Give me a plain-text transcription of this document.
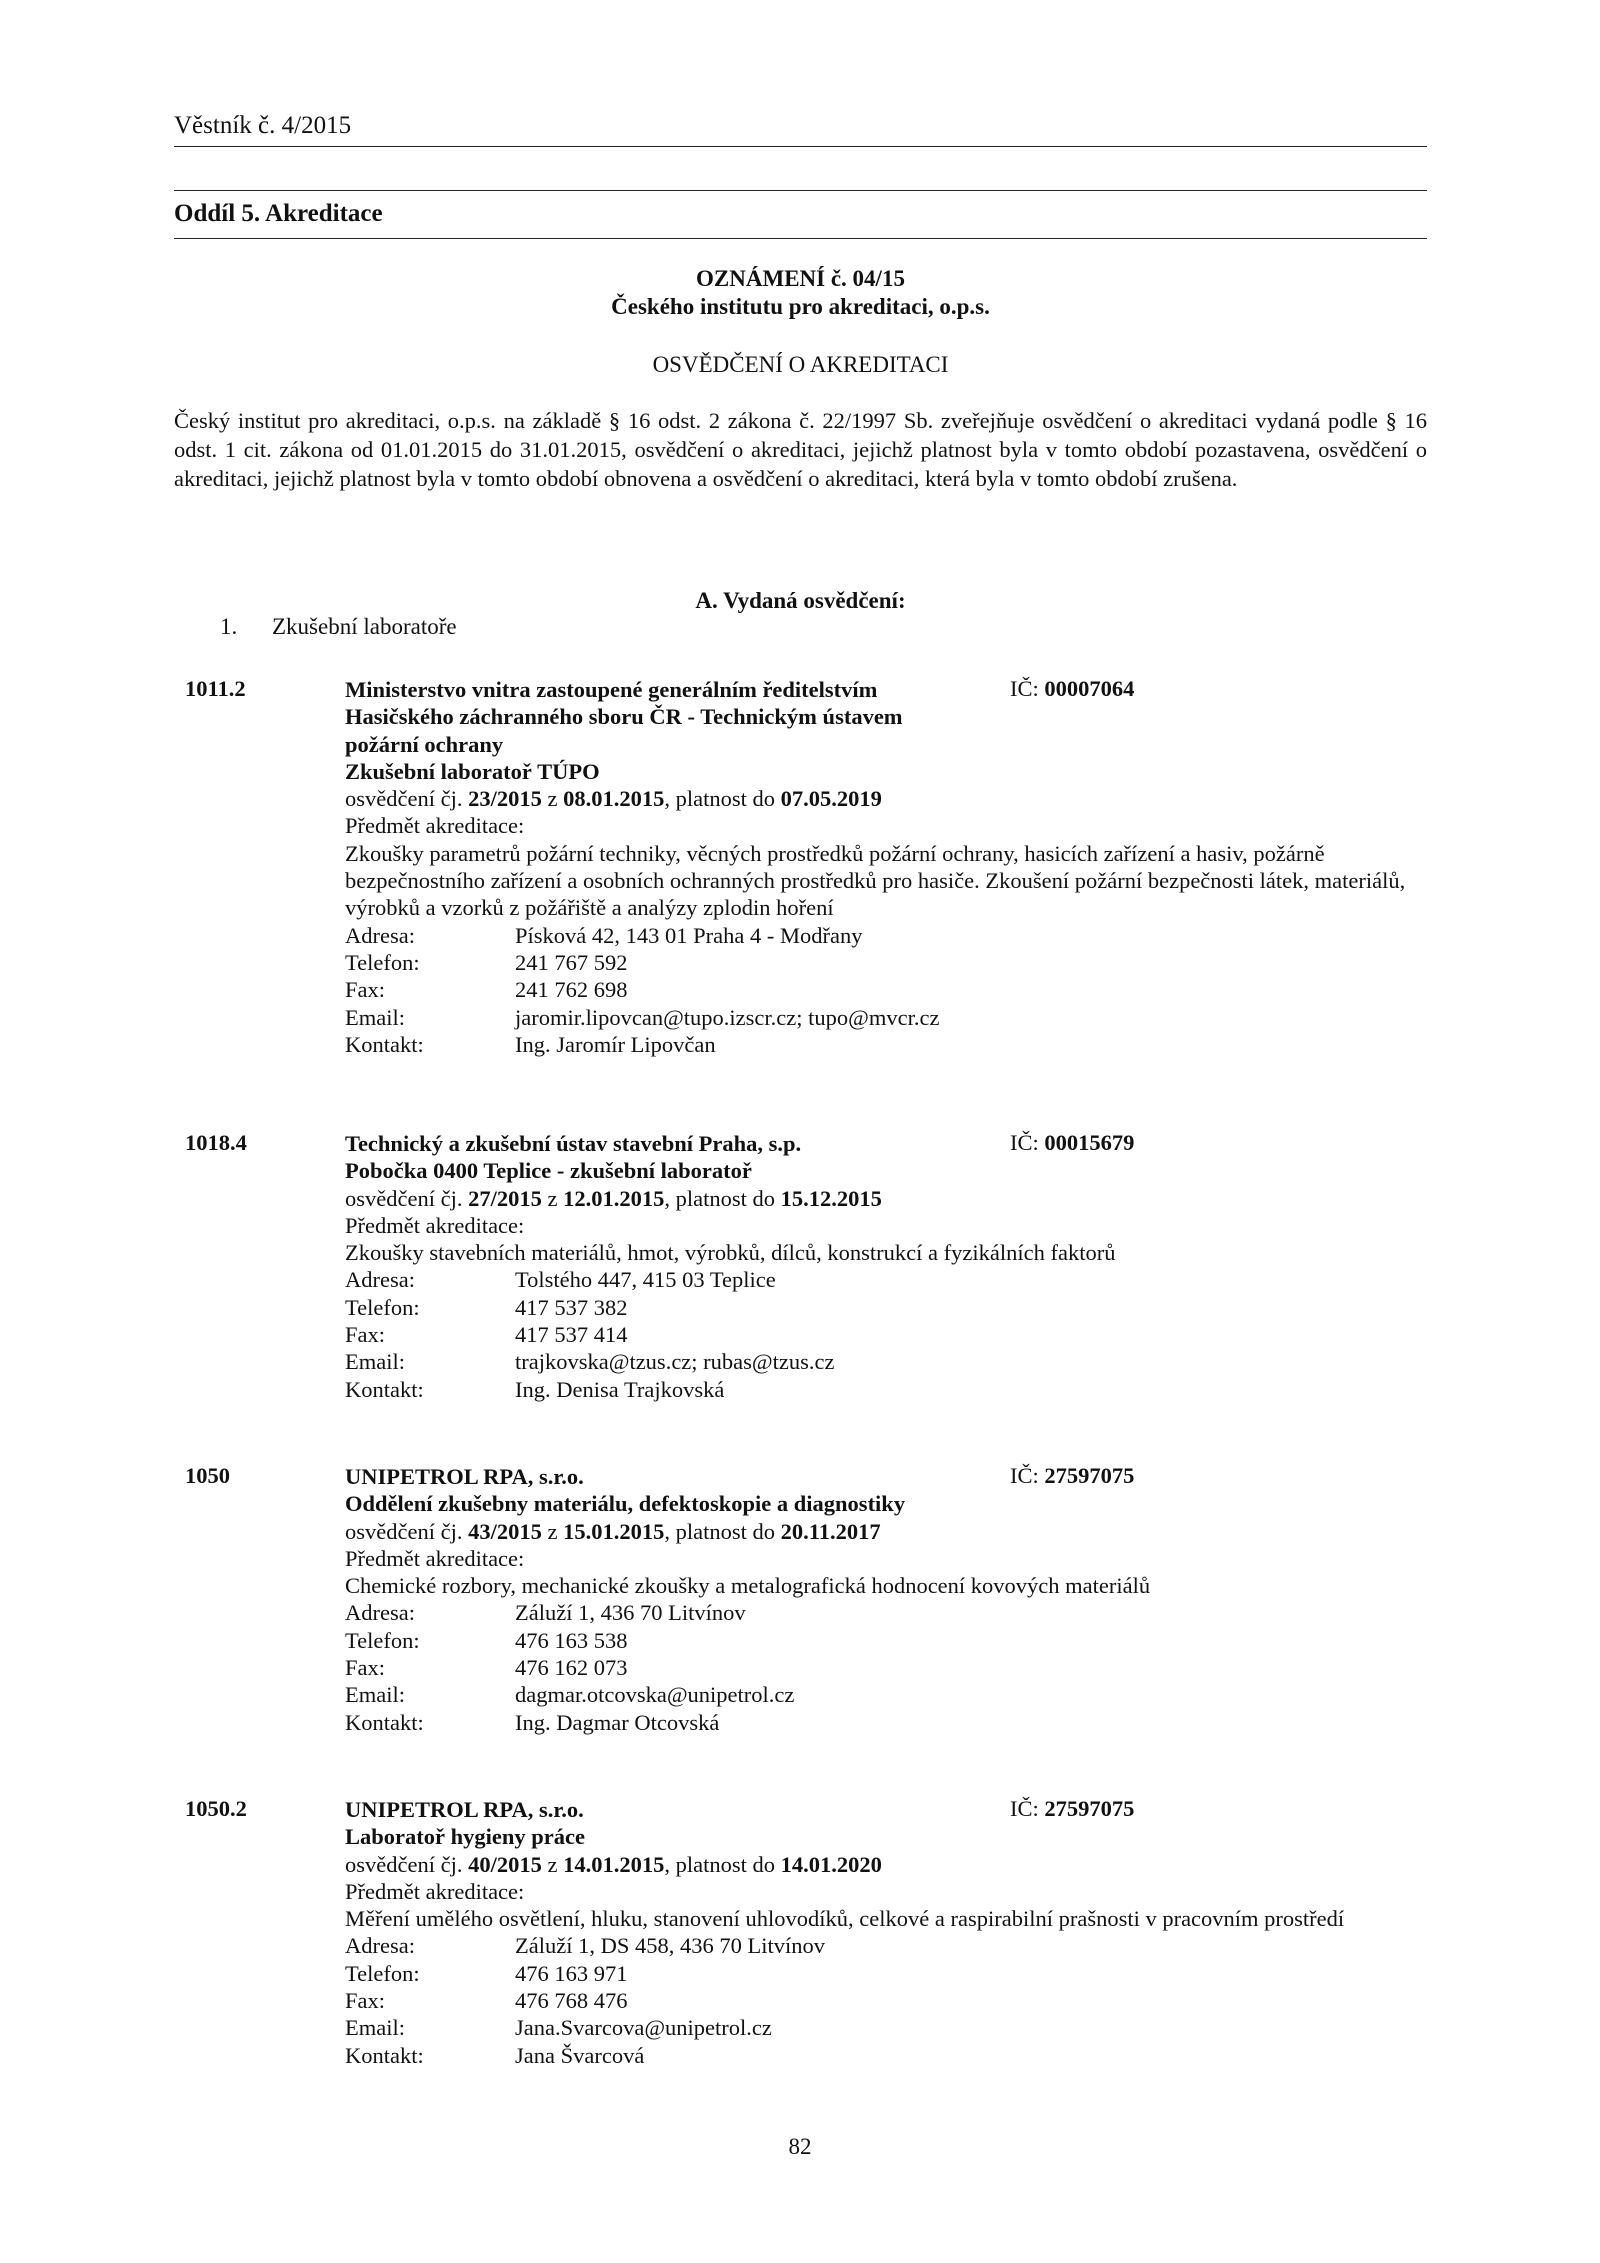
Věstník č. 4/2015
Oddíl 5. Akreditace
OZNÁMENÍ č. 04/15
Českého institutu pro akreditaci, o.p.s.
OSVĚDČENÍ O AKREDITACI
Český institut pro akreditaci, o.p.s. na základě § 16 odst. 2 zákona č. 22/1997 Sb. zveřejňuje osvědčení o akreditaci vydaná podle § 16 odst. 1 cit. zákona od 01.01.2015 do 31.01.2015, osvědčení o akreditaci, jejichž platnost byla v tomto období pozastavena, osvědčení o akreditaci, jejichž platnost byla v tomto období obnovena a osvědčení o akreditaci, která byla v tomto období zrušena.
A. Vydaná osvědčení:
1. Zkušební laboratoře
1011.2	IČ: 00007064
Ministerstvo vnitra zastoupené generálním ředitelstvím
Hasičského záchranného sboru ČR - Technickým ústavem
požární ochrany
Zkušební laboratoř TÚPO
osvědčení čj. 23/2015 z 08.01.2015, platnost do 07.05.2019
Předmět akreditace:
Zkoušky parametrů požární techniky, věcných prostředků požární ochrany, hasicích zařízení a hasiv, požárně bezpečnostního zařízení a osobních ochranných prostředků pro hasiče. Zkoušení požární bezpečnosti látek, materiálů, výrobků a vzorků z požářiště a analýzy zplodin hoření
Adresa:	Písková 42, 143 01 Praha 4 - Modřany
Telefon:	241 767 592
Fax:	241 762 698
Email:	jaromir.lipovcan@tupo.izscr.cz; tupo@mvcr.cz
Kontakt:	Ing. Jaromír Lipovčan
1018.4	IČ: 00015679
Technický a zkušební ústav stavební Praha, s.p.
Pobočka 0400 Teplice - zkušební laboratoř
osvědčení čj. 27/2015 z 12.01.2015, platnost do 15.12.2015
Předmět akreditace:
Zkoušky stavebních materiálů, hmot, výrobků, dílců, konstrukcí a fyzikálních faktorů
Adresa:	Tolstého 447, 415 03 Teplice
Telefon:	417 537 382
Fax:	417 537 414
Email:	trajkovska@tzus.cz; rubas@tzus.cz
Kontakt:	Ing. Denisa Trajkovská
1050	IČ: 27597075
UNIPETROL RPA, s.r.o.
Oddělení zkušebny materiálu, defektoskopie a diagnostiky
osvědčení čj. 43/2015 z 15.01.2015, platnost do 20.11.2017
Předmět akreditace:
Chemické rozbory, mechanické zkoušky a metalografická hodnocení kovových materiálů
Adresa:	Záluží 1, 436 70 Litvínov
Telefon:	476 163 538
Fax:	476 162 073
Email:	dagmar.otcovska@unipetrol.cz
Kontakt:	Ing. Dagmar Otcovská
1050.2	IČ: 27597075
UNIPETROL RPA, s.r.o.
Laboratoř hygieny práce
osvědčení čj. 40/2015 z 14.01.2015, platnost do 14.01.2020
Předmět akreditace:
Měření umělého osvětlení, hluku, stanovení uhlovodíků, celkové a raspirabilní prašnosti v pracovním prostředí
Adresa:	Záluží 1, DS 458, 436 70 Litvínov
Telefon:	476 163 971
Fax:	476 768 476
Email:	Jana.Svarcova@unipetrol.cz
Kontakt:	Jana Švarcová
82
